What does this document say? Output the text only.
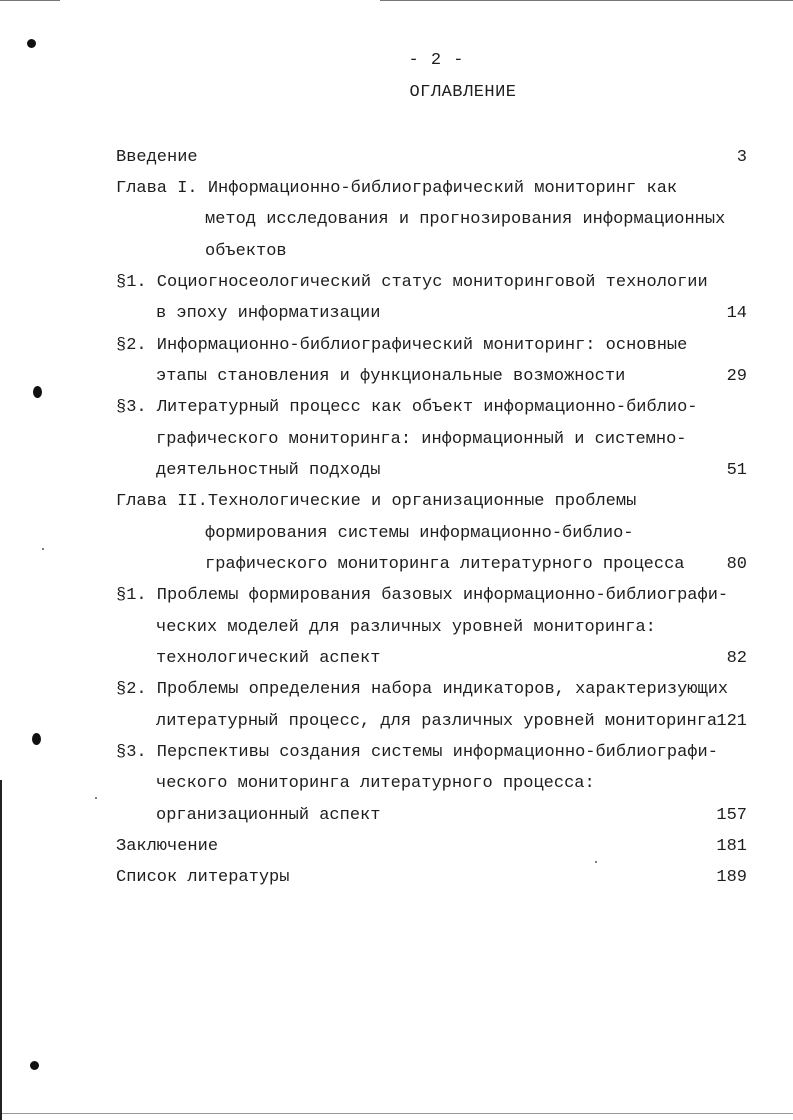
- 2 -
ОГЛАВЛЕНИЕ
Введение	3
Глава I. Информационно-библиографический мониторинг как
метод исследования и прогнозирования информационных
объектов
§1. Социогносеологический статус мониторинговой технологии
в эпоху информатизации	14
§2. Информационно-библиографический мониторинг: основные
этапы становления и функциональные возможности	29
§3. Литературный процесс как объект информационно-библио-
графического мониторинга: информационный и системно-
деятельностный подходы	51
Глава II.Технологические и организационные проблемы
формирования системы информационно-библио-
графического мониторинга литературного процесса	80
§1. Проблемы формирования базовых информационно-библиографи-
ческих моделей для различных уровней мониторинга:
технологический аспект	82
§2. Проблемы определения набора индикаторов, характеризующих
литературный процесс, для различных уровней мониторинга 121
§3. Перспективы создания системы информационно-библиографи-
ческого мониторинга литературного процесса:
организационный аспект	157
Заключение	181
Список литературы	189
